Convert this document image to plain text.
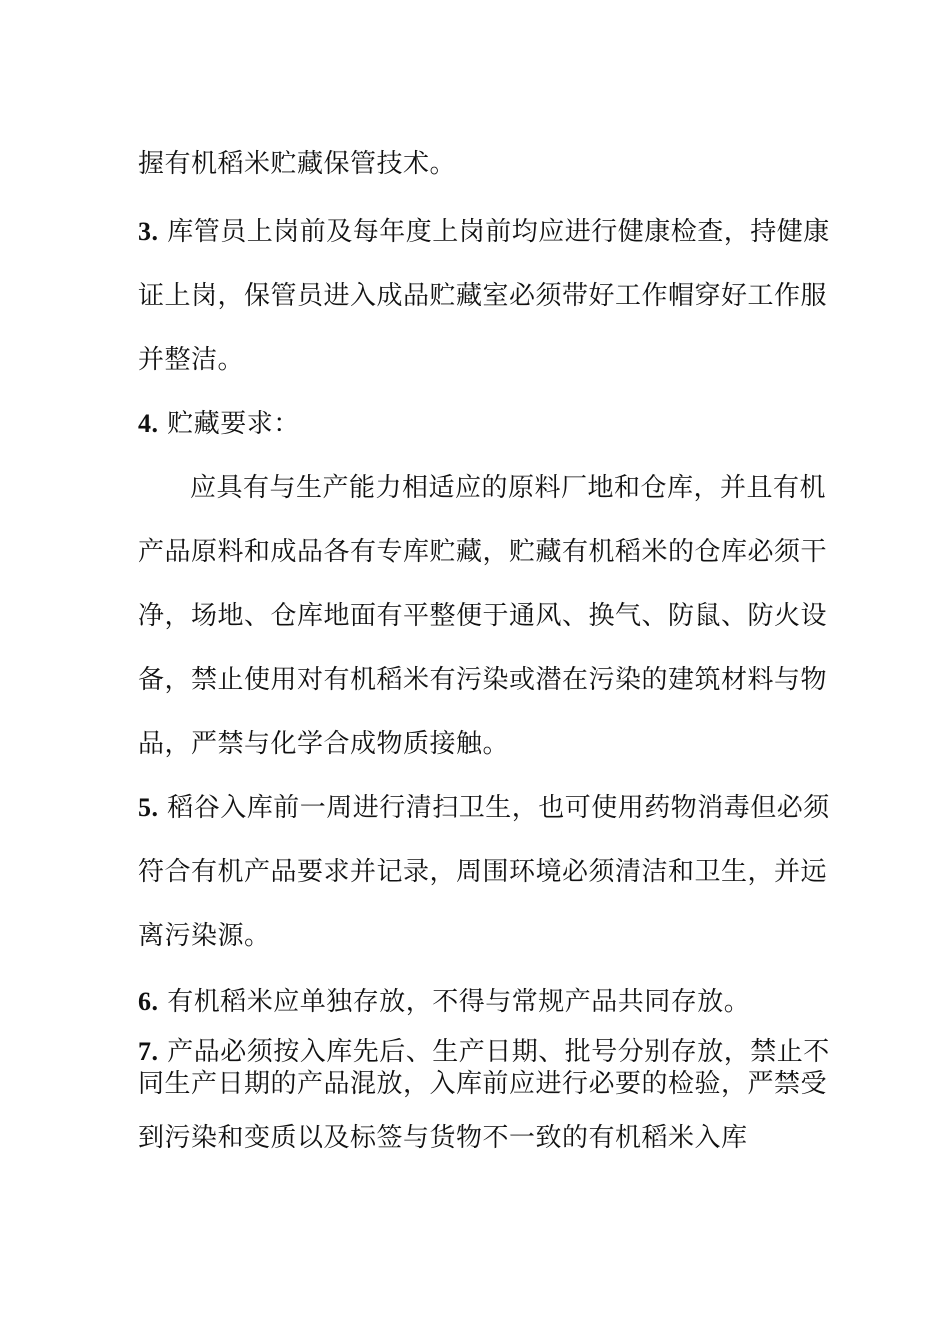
握有机稻米贮藏保管技术。
3. 库管员上岗前及每年度上岗前均应进行健康检查，持健康
证上岗，保管员进入成品贮藏室必须带好工作帽穿好工作服
并整洁。
4. 贮藏要求：
应具有与生产能力相适应的原料厂地和仓库，并且有机
产品原料和成品各有专库贮藏，贮藏有机稻米的仓库必须干
净，场地、仓库地面有平整便于通风、换气、防鼠、防火设
备，禁止使用对有机稻米有污染或潜在污染的建筑材料与物
品，严禁与化学合成物质接触。
5. 稻谷入库前一周进行清扫卫生，也可使用药物消毒但必须
符合有机产品要求并记录，周围环境必须清洁和卫生，并远
离污染源。
6. 有机稻米应单独存放，不得与常规产品共同存放。
7. 产品必须按入库先后、生产日期、批号分别存放，禁止不
同生产日期的产品混放，入库前应进行必要的检验，严禁受
到污染和变质以及标签与货物不一致的有机稻米入库
